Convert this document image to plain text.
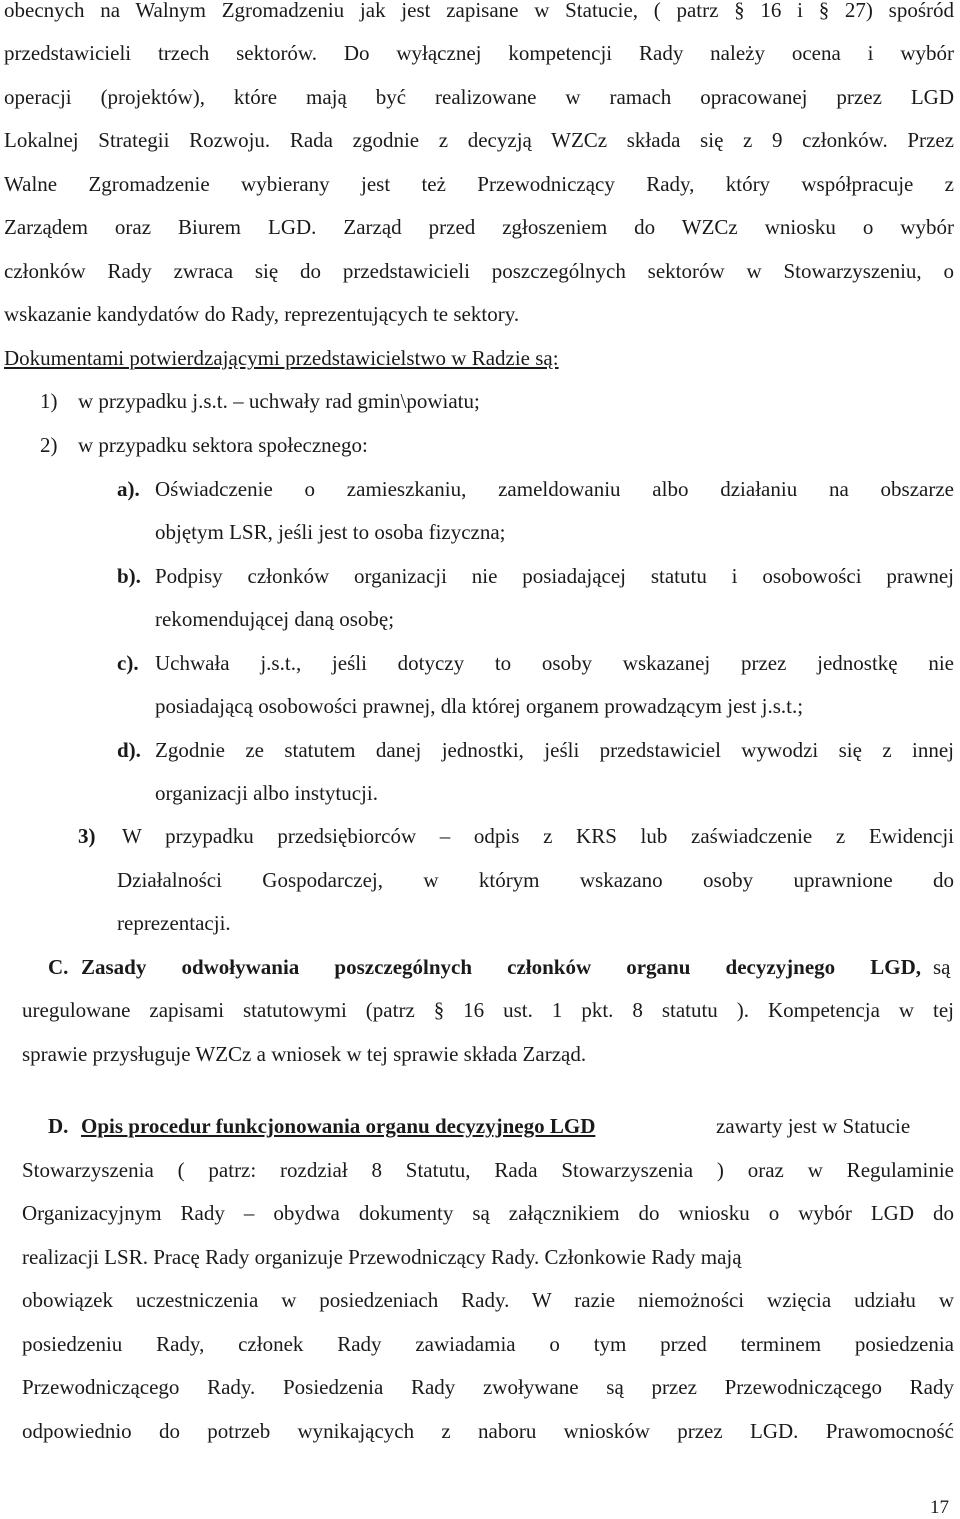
obecnych na Walnym Zgromadzeniu jak jest zapisane w Statucie, ( patrz § 16 i § 27) spośród
przedstawicieli trzech sektorów. Do wyłącznej kompetencji Rady należy ocena i wybór
operacji (projektów), które mają być realizowane w ramach opracowanej przez LGD
Lokalnej Strategii Rozwoju. Rada zgodnie z decyzją WZCz składa się z 9 członków. Przez
Walne Zgromadzenie wybierany jest też Przewodniczący Rady, który współpracuje z
Zarządem oraz Biurem LGD. Zarząd przed zgłoszeniem do WZCz wniosku o wybór
członków Rady zwraca się do przedstawicieli poszczególnych sektorów w Stowarzyszeniu, o
wskazanie kandydatów do Rady, reprezentujących te sektory.
Dokumentami potwierdzającymi przedstawicielstwo w Radzie są:
1) w przypadku j.s.t. – uchwały rad gmin\powiatu;
2) w przypadku sektora społecznego:
a). Oświadczenie o zamieszkaniu, zameldowaniu albo działaniu na obszarze
objętym LSR, jeśli jest to osoba fizyczna;
b). Podpisy członków organizacji nie posiadającej statutu i osobowości prawnej
rekomendującej daną osobę;
c). Uchwała j.s.t., jeśli dotyczy to osoby wskazanej przez jednostkę nie
posiadającą osobowości prawnej, dla której organem prowadzącym jest j.s.t.;
d). Zgodnie ze statutem danej jednostki, jeśli przedstawiciel wywodzi się z innej
organizacji albo instytucji.
3) W przypadku przedsiębiorców – odpis z KRS lub zaświadczenie z Ewidencji
Działalności Gospodarczej, w którym wskazano osoby uprawnione do
reprezentacji.
C. Zasady odwoływania poszczególnych członków organu decyzyjnego LGD, są
uregulowane zapisami statutowymi (patrz § 16 ust. 1 pkt. 8 statutu ). Kompetencja w tej
sprawie przysługuje WZCz a wniosek w tej sprawie składa Zarząd.
D. Opis procedur funkcjonowania organu decyzyjnego LGD	zawarty jest w Statucie
Stowarzyszenia ( patrz: rozdział 8 Statutu, Rada Stowarzyszenia ) oraz w Regulaminie
Organizacyjnym Rady – obydwa dokumenty są załącznikiem do wniosku o wybór LGD do
realizacji LSR. Pracę Rady organizuje Przewodniczący Rady. Członkowie Rady mają
obowiązek uczestniczenia w posiedzeniach Rady. W razie niemożności wzięcia udziału w
posiedzeniu Rady, członek Rady zawiadamia o tym przed terminem posiedzenia
Przewodniczącego Rady. Posiedzenia Rady zwoływane są przez Przewodniczącego Rady
odpowiednio do potrzeb wynikających z naboru wniosków przez LGD. Prawomocność
17
